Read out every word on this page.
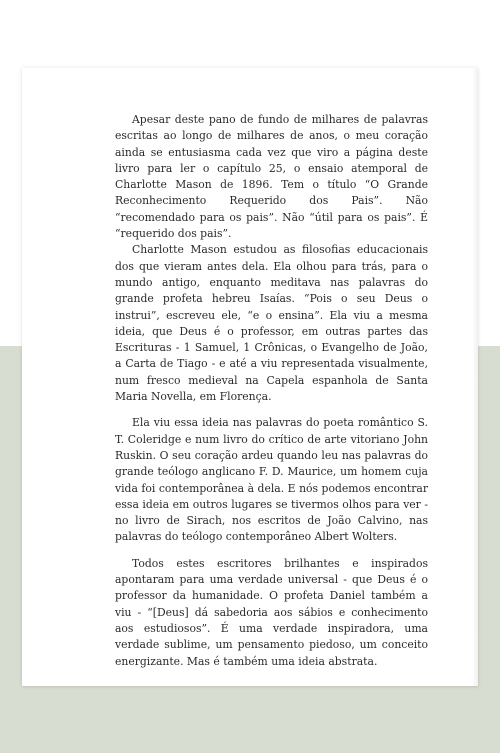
Apesar deste pano de fundo de milhares de palavras escritas ao longo de milhares de anos, o meu coração ainda se entusiasma cada vez que viro a página deste livro para ler o capítulo 25, o ensaio atemporal de Charlotte Mason de 1896. Tem o título “O Grande Reconhecimento Requerido dos Pais”. Não “recomendado para os pais”. Não “útil para os pais”. É “requerido dos pais”.

Charlotte Mason estudou as filosofias educacionais dos que vieram antes dela. Ela olhou para trás, para o mundo antigo, enquanto meditava nas palavras do grande profeta hebreu Isaías. “Pois o seu Deus o instrui”, escreveu ele, “e o ensina”. Ela viu a mesma ideia, que Deus é o professor, em outras partes das Escrituras - 1 Samuel, 1 Crônicas, o Evangelho de João, a Carta de Tiago - e até a viu representada visualmente, num fresco medieval na Capela espanhola de Santa Maria Novella, em Florença.

Ela viu essa ideia nas palavras do poeta romântico S. T. Coleridge e num livro do crítico de arte vitoriano John Ruskin. O seu coração ardeu quando leu nas palavras do grande teólogo anglicano F. D. Maurice, um homem cuja vida foi contemporânea à dela. E nós podemos encontrar essa ideia em outros lugares se tivermos olhos para ver - no livro de Sirach, nos escritos de João Calvino, nas palavras do teólogo contemporâneo Albert Wolters.

Todos estes escritores brilhantes e inspirados apontaram para uma verdade universal - que Deus é o professor da humanidade. O profeta Daniel também a viu - “[Deus] dá sabedoria aos sábios e conhecimento aos estudiosos”. É uma verdade inspiradora, uma verdade sublime, um pensamento piedoso, um conceito energizante. Mas é também uma ideia abstrata.
